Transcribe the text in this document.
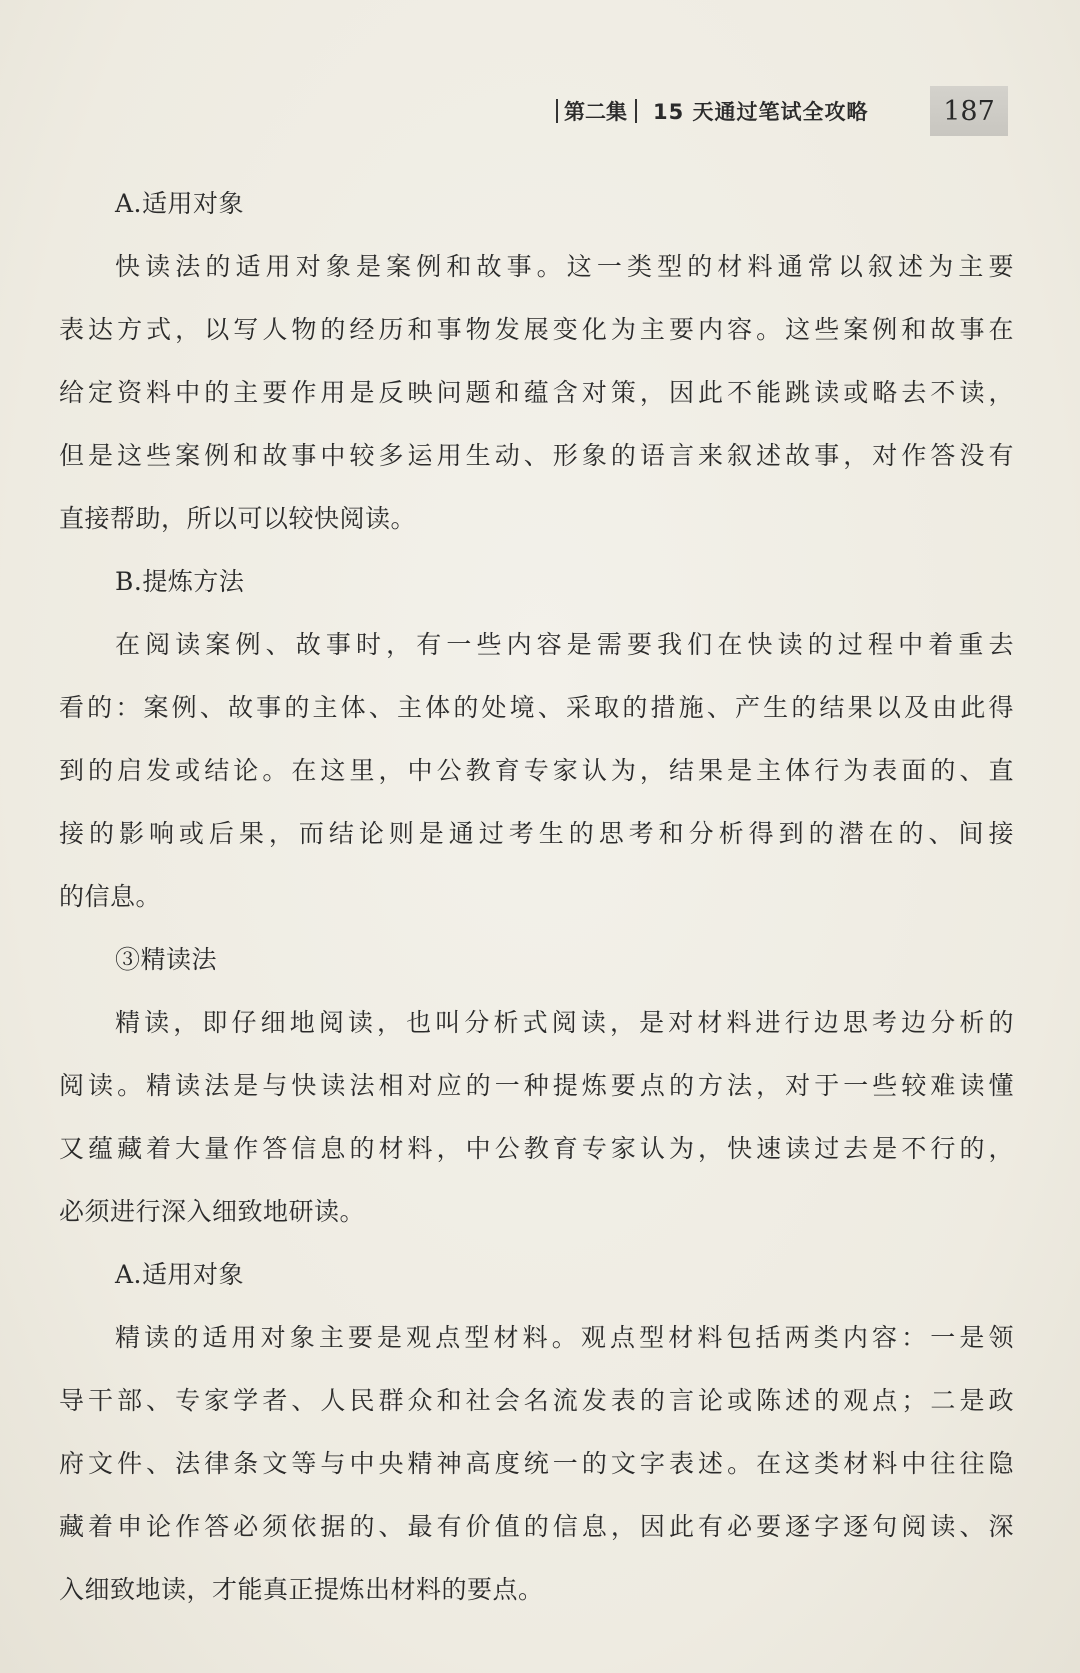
第二集 15 天通过笔试全攻略	187
A.适用对象
快读法的适用对象是案例和故事。这一类型的材料通常以叙述为主要
表达方式，以写人物的经历和事物发展变化为主要内容。这些案例和故事在
给定资料中的主要作用是反映问题和蕴含对策，因此不能跳读或略去不读，
但是这些案例和故事中较多运用生动、形象的语言来叙述故事，对作答没有
直接帮助，所以可以较快阅读。
B.提炼方法
在阅读案例、故事时，有一些内容是需要我们在快读的过程中着重去
看的：案例、故事的主体、主体的处境、采取的措施、产生的结果以及由此得
到的启发或结论。在这里，中公教育专家认为，结果是主体行为表面的、直
接的影响或后果，而结论则是通过考生的思考和分析得到的潜在的、间接
的信息。
③精读法
精读，即仔细地阅读，也叫分析式阅读，是对材料进行边思考边分析的
阅读。精读法是与快读法相对应的一种提炼要点的方法，对于一些较难读懂
又蕴藏着大量作答信息的材料，中公教育专家认为，快速读过去是不行的，
必须进行深入细致地研读。
A.适用对象
精读的适用对象主要是观点型材料。观点型材料包括两类内容：一是领
导干部、专家学者、人民群众和社会名流发表的言论或陈述的观点；二是政
府文件、法律条文等与中央精神高度统一的文字表述。在这类材料中往往隐
藏着申论作答必须依据的、最有价值的信息，因此有必要逐字逐句阅读、深
入细致地读，才能真正提炼出材料的要点。
